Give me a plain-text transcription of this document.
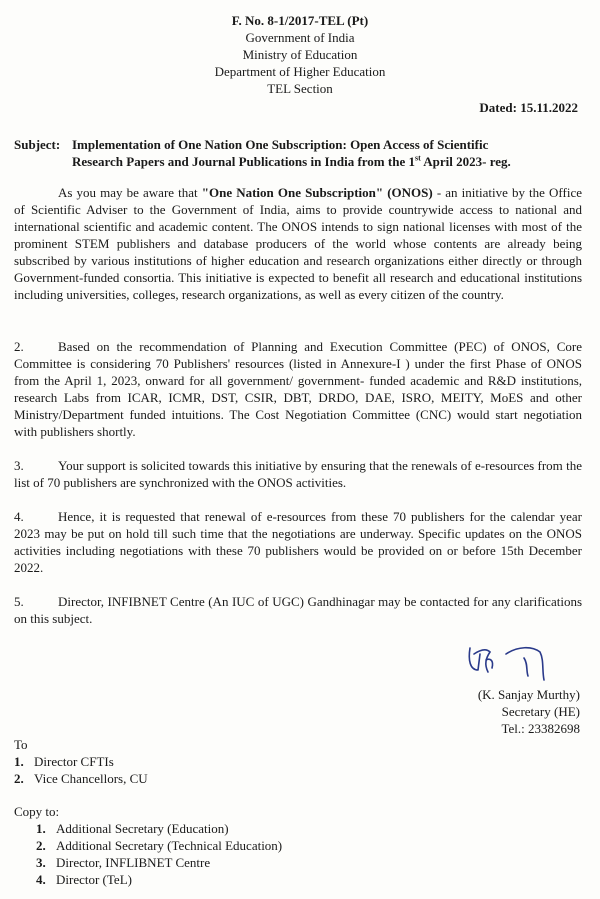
F. No. 8-1/2017-TEL (Pt)
Government of India
Ministry of Education
Department of Higher Education
TEL Section
Dated: 15.11.2022
Subject: Implementation of One Nation One Subscription: Open Access of Scientific
Research Papers and Journal Publications in India from the 1st April 2023- reg.
As you may be aware that "One Nation One Subscription" (ONOS) - an initiative by the Office of Scientific Adviser to the Government of India, aims to provide countrywide access to national and international scientific and academic content. The ONOS intends to sign national licenses with most of the prominent STEM publishers and database producers of the world whose contents are already being subscribed by various institutions of higher education and research organizations either directly or through Government-funded consortia. This initiative is expected to benefit all research and educational institutions including universities, colleges, research organizations, as well as every citizen of the country.
2.	Based on the recommendation of Planning and Execution Committee (PEC) of ONOS, Core Committee is considering 70 Publishers' resources (listed in Annexure-I ) under the first Phase of ONOS from the April 1, 2023, onward for all government/ government- funded academic and R&D institutions, research Labs from ICAR, ICMR, DST, CSIR, DBT, DRDO, DAE, ISRO, MEITY, MoES and other Ministry/Department funded intuitions. The Cost Negotiation Committee (CNC) would start negotiation with publishers shortly.
3.	Your support is solicited towards this initiative by ensuring that the renewals of e-resources from the list of 70 publishers are synchronized with the ONOS activities.
4.	Hence, it is requested that renewal of e-resources from these 70 publishers for the calendar year 2023 may be put on hold till such time that the negotiations are underway. Specific updates on the ONOS activities including negotiations with these 70 publishers would be provided on or before 15th December 2022.
5.	Director, INFIBNET Centre (An IUC of UGC) Gandhinagar may be contacted for any clarifications on this subject.
(K. Sanjay Murthy)
Secretary (HE)
Tel.: 23382698
To
1. Director CFTIs
2. Vice Chancellors, CU
Copy to:
1. Additional Secretary (Education)
2. Additional Secretary (Technical Education)
3. Director, INFLIBNET Centre
4. Director (TeL)
